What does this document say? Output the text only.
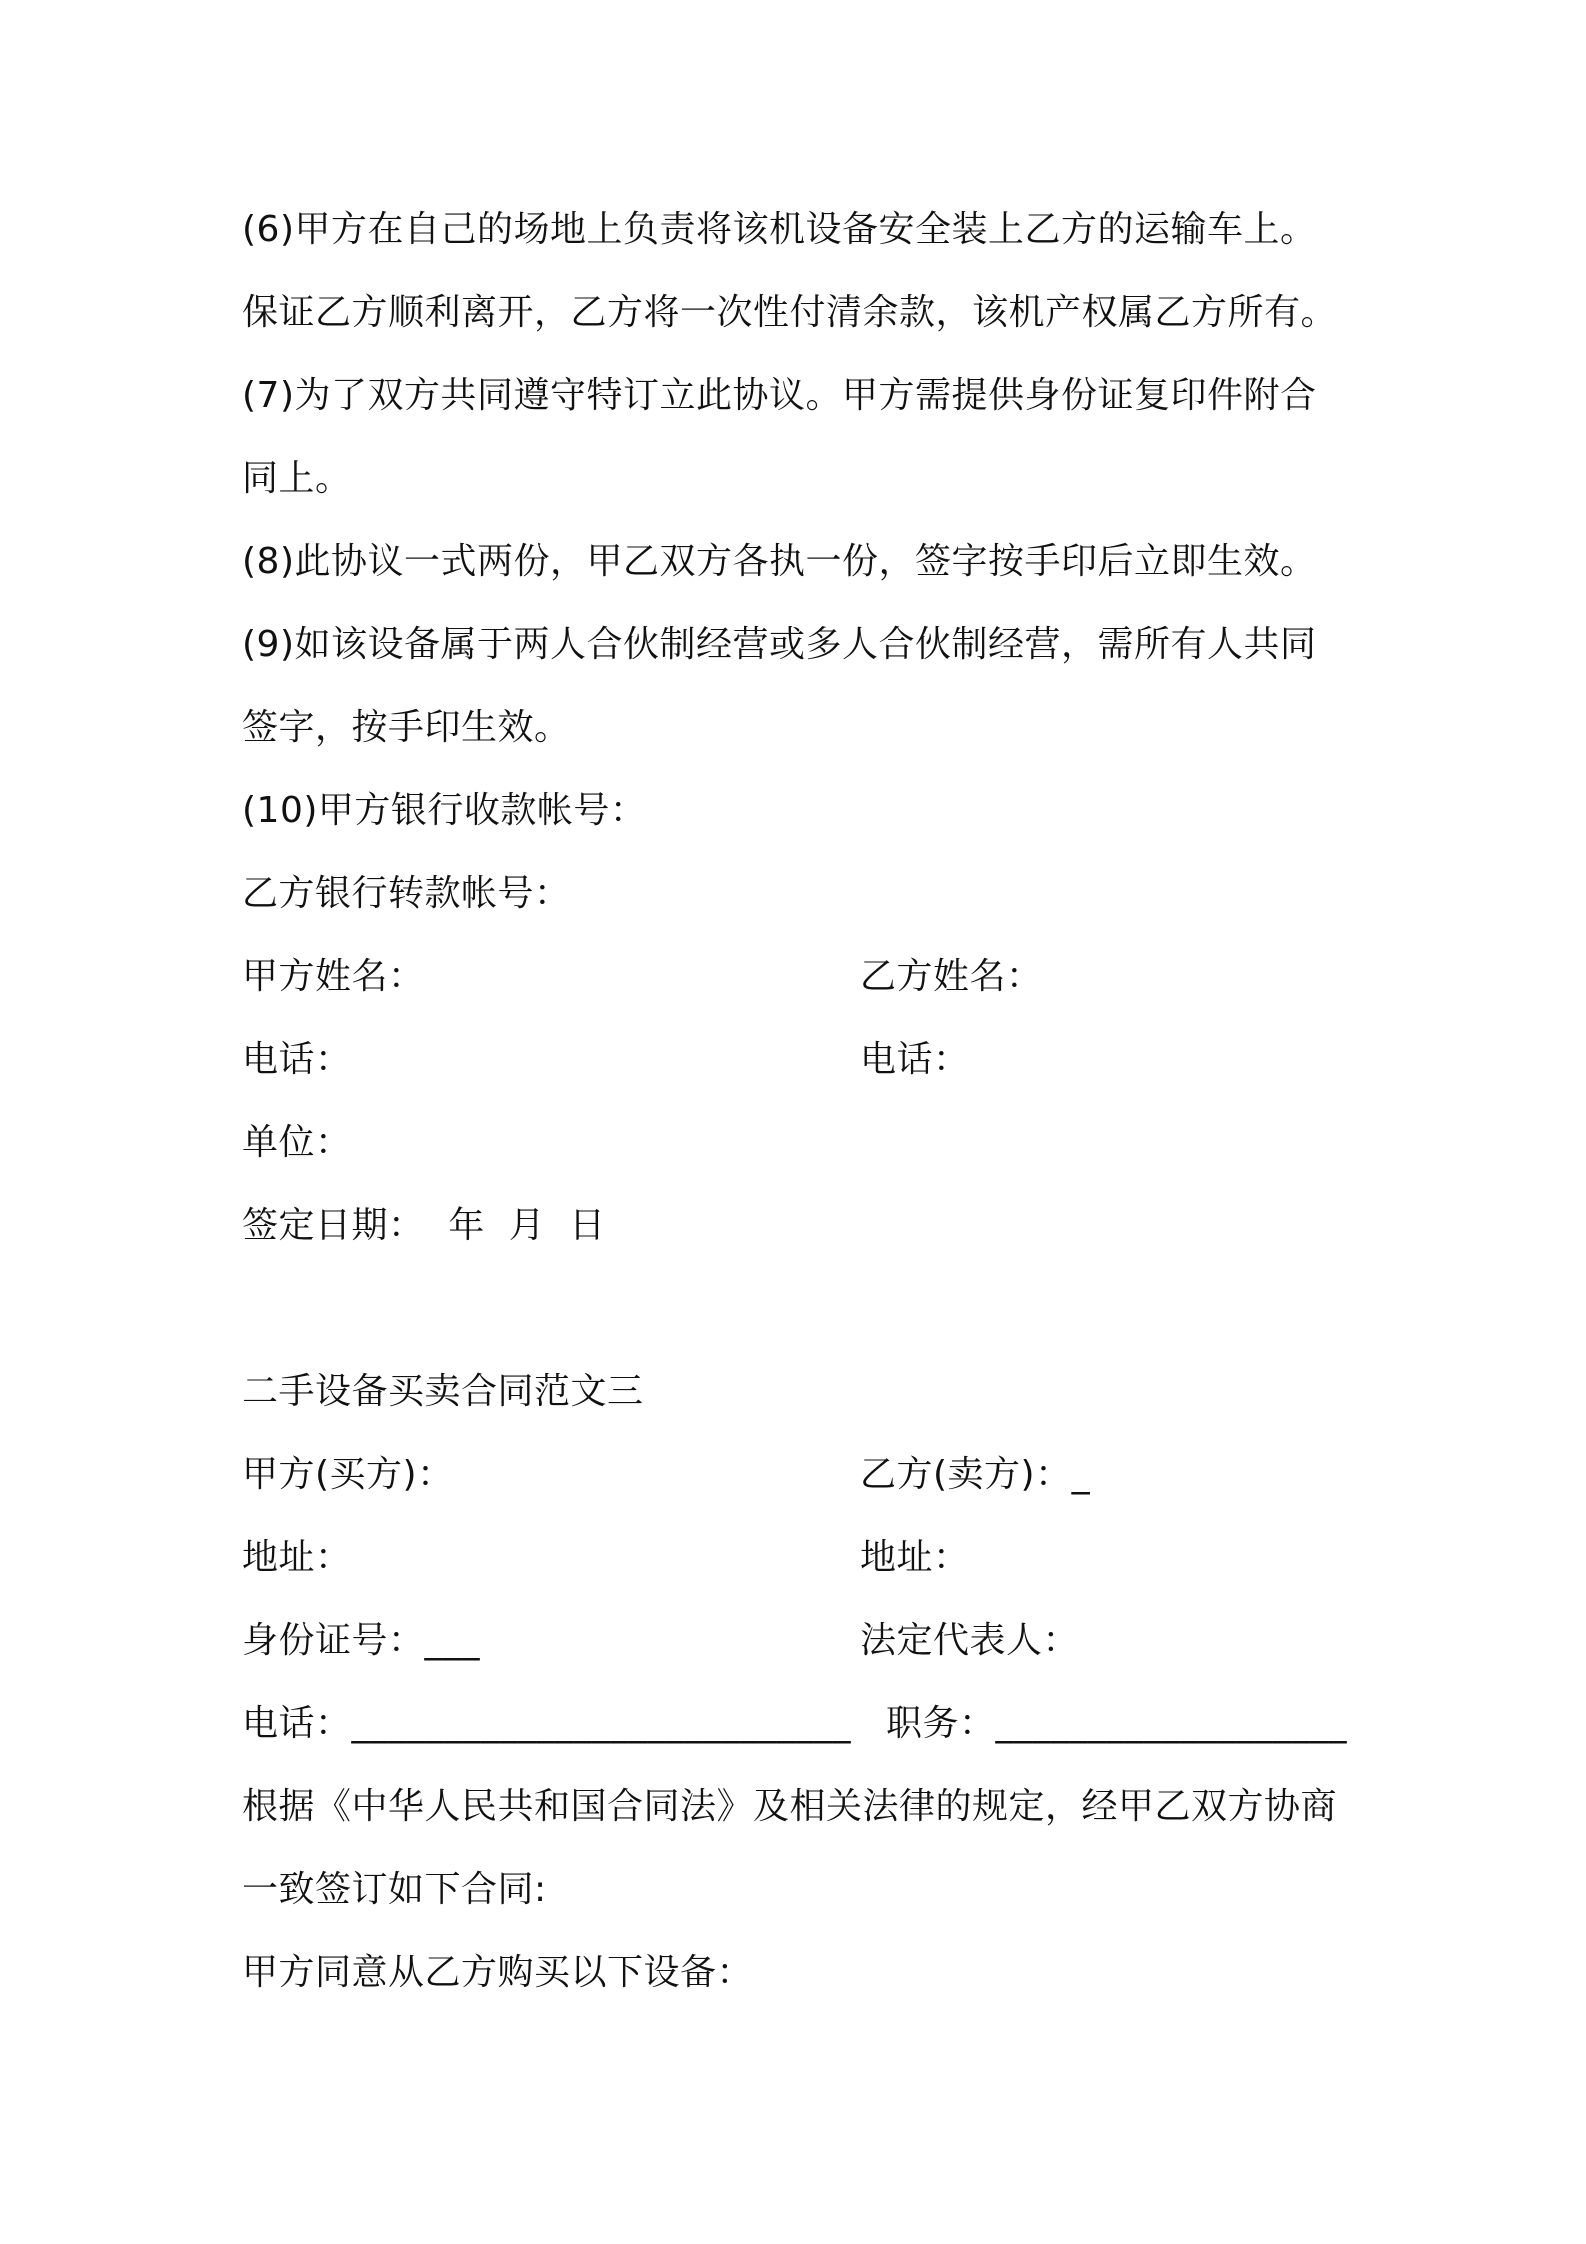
(6)甲方在自己的场地上负责将该机设备安全装上乙方的运输车上。
保证乙方顺利离开，乙方将一次性付清余款，该机产权属乙方所有。
(7)为了双方共同遵守特订立此协议。甲方需提供身份证复印件附合
同上。
(8)此协议一式两份，甲乙双方各执一份，签字按手印后立即生效。
(9)如该设备属于两人合伙制经营或多人合伙制经营，需所有人共同
签字，按手印生效。
(10)甲方银行收款帐号：
乙方银行转款帐号：
甲方姓名：	乙方姓名：
电话：	电话：
单位：
签定日期：  年  月  日
二手设备买卖合同范文三
甲方(买方)：	乙方(卖方)：_
地址：	地址：
身份证号：___	法定代表人：
电话：___________________________ 职务：___________________
根据《中华人民共和国合同法》及相关法律的规定，经甲乙双方协商
一致签订如下合同:
甲方同意从乙方购买以下设备：
